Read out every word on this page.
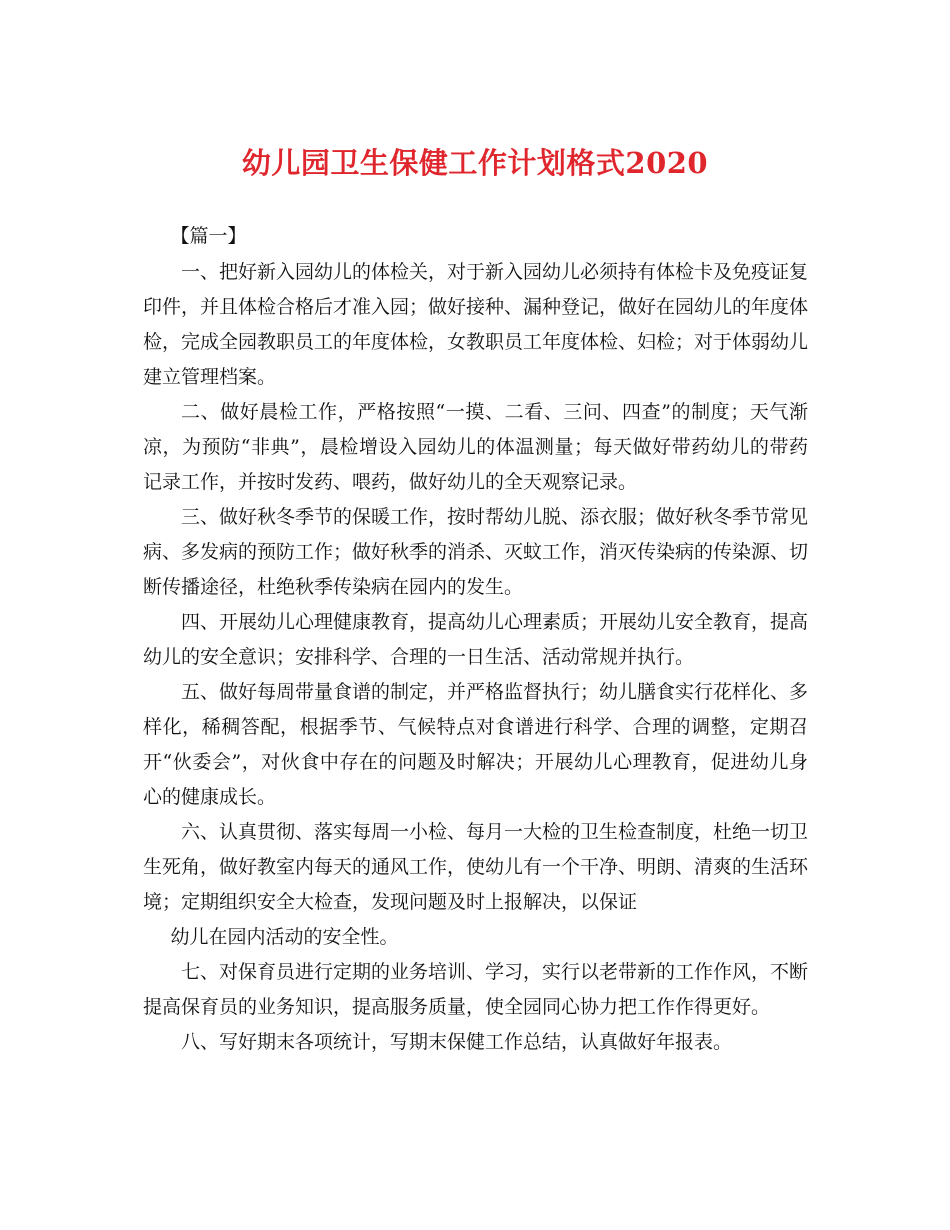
幼儿园卫生保健工作计划格式2020

【篇一】

一、把好新入园幼儿的体检关，对于新入园幼儿必须持有体检卡及免疫证复印件，并且体检合格后才准入园；做好接种、漏种登记，做好在园幼儿的年度体检，完成全园教职员工的年度体检，女教职员工年度体检、妇检；对于体弱幼儿建立管理档案。

二、做好晨检工作，严格按照“一摸、二看、三问、四查”的制度；天气渐凉，为预防“非典”，晨检增设入园幼儿的体温测量；每天做好带药幼儿的带药记录工作，并按时发药、喂药，做好幼儿的全天观察记录。

三、做好秋冬季节的保暖工作，按时帮幼儿脱、添衣服；做好秋冬季节常见病、多发病的预防工作；做好秋季的消杀、灭蚊工作，消灭传染病的传染源、切断传播途径，杜绝秋季传染病在园内的发生。

四、开展幼儿心理健康教育，提高幼儿心理素质；开展幼儿安全教育，提高幼儿的安全意识；安排科学、合理的一日生活、活动常规并执行。

五、做好每周带量食谱的制定，并严格监督执行；幼儿膳食实行花样化、多样化，稀稠答配，根据季节、气候特点对食谱进行科学、合理的调整，定期召开“伙委会”，对伙食中存在的问题及时解决；开展幼儿心理教育，促进幼儿身心的健康成长。

六、认真贯彻、落实每周一小检、每月一大检的卫生检查制度，杜绝一切卫生死角，做好教室内每天的通风工作，使幼儿有一个干净、明朗、清爽的生活环境；定期组织安全大检查，发现问题及时上报解决，以保证

幼儿在园内活动的安全性。

七、对保育员进行定期的业务培训、学习，实行以老带新的工作作风，不断提高保育员的业务知识，提高服务质量，使全园同心协力把工作作得更好。

八、写好期末各项统计，写期末保健工作总结，认真做好年报表。
